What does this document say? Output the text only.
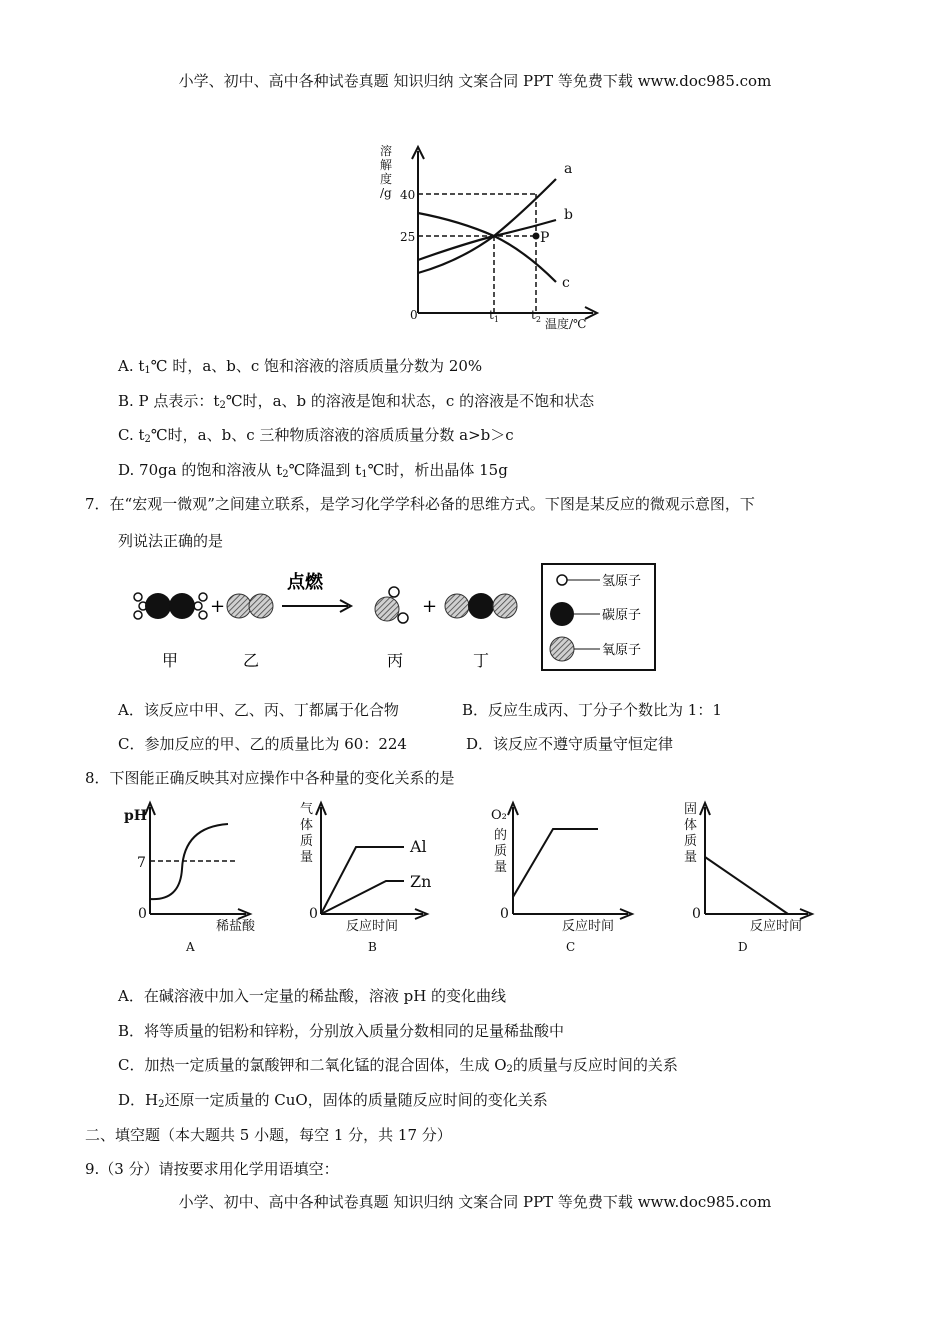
小学、初中、高中各种试卷真题 知识归纳 文案合同 PPT 等免费下载 www.doc985.com
溶
解
度
/g 40
25
0	$t_1$	$t_2$ 温度/℃
a
b
c
P
A. $t_1℃$ 时，a、b、c 饱和溶液的溶质质量分数为 20%
B. P 点表示：$t_2℃$时，a、b 的溶液是饱和状态，c 的溶液是不饱和状态
C. $t_2℃$时，a、b、c 三种物质溶液的溶质质量分数 a>b＞c
D. 70ga 的饱和溶液从 $t_2℃$降温到 $t_1℃$时，析出晶体 15g
7．在“宏观一微观”之间建立联系，是学习化学学科必备的思维方式。下图是某反应的微观示意图，下
列说法正确的是
+
点燃
+
甲	乙	丙	丁
氢原子
碳原子
氧原子
A．该反应中甲、乙、丙、丁都属于化合物	B．反应生成丙、丁分子个数比为 1：1
C．参加反应的甲、乙的质量比为 60：224	D．该反应不遵守质量守恒定律
8．下图能正确反映其对应操作中各种量的变化关系的是
pH
7
0
稀盐酸
A
气
体
质
量
0
Al
Zn
反应时间
B
O₂
的
质
量
0
反应时间
C
固
体
质
量
0
反应时间
D
A．在碱溶液中加入一定量的稀盐酸，溶液 pH 的变化曲线
B．将等质量的铝粉和锌粉，分别放入质量分数相同的足量稀盐酸中
C．加热一定质量的氯酸钾和二氧化锰的混合固体，生成 $O_2$的质量与反应时间的关系
D．$H_2$还原一定质量的 CuO，固体的质量随反应时间的变化关系
二、填空题（本大题共 5 小题，每空 1 分，共 17 分）
9.（3 分）请按要求用化学用语填空：
小学、初中、高中各种试卷真题 知识归纳 文案合同 PPT 等免费下载 www.doc985.com
